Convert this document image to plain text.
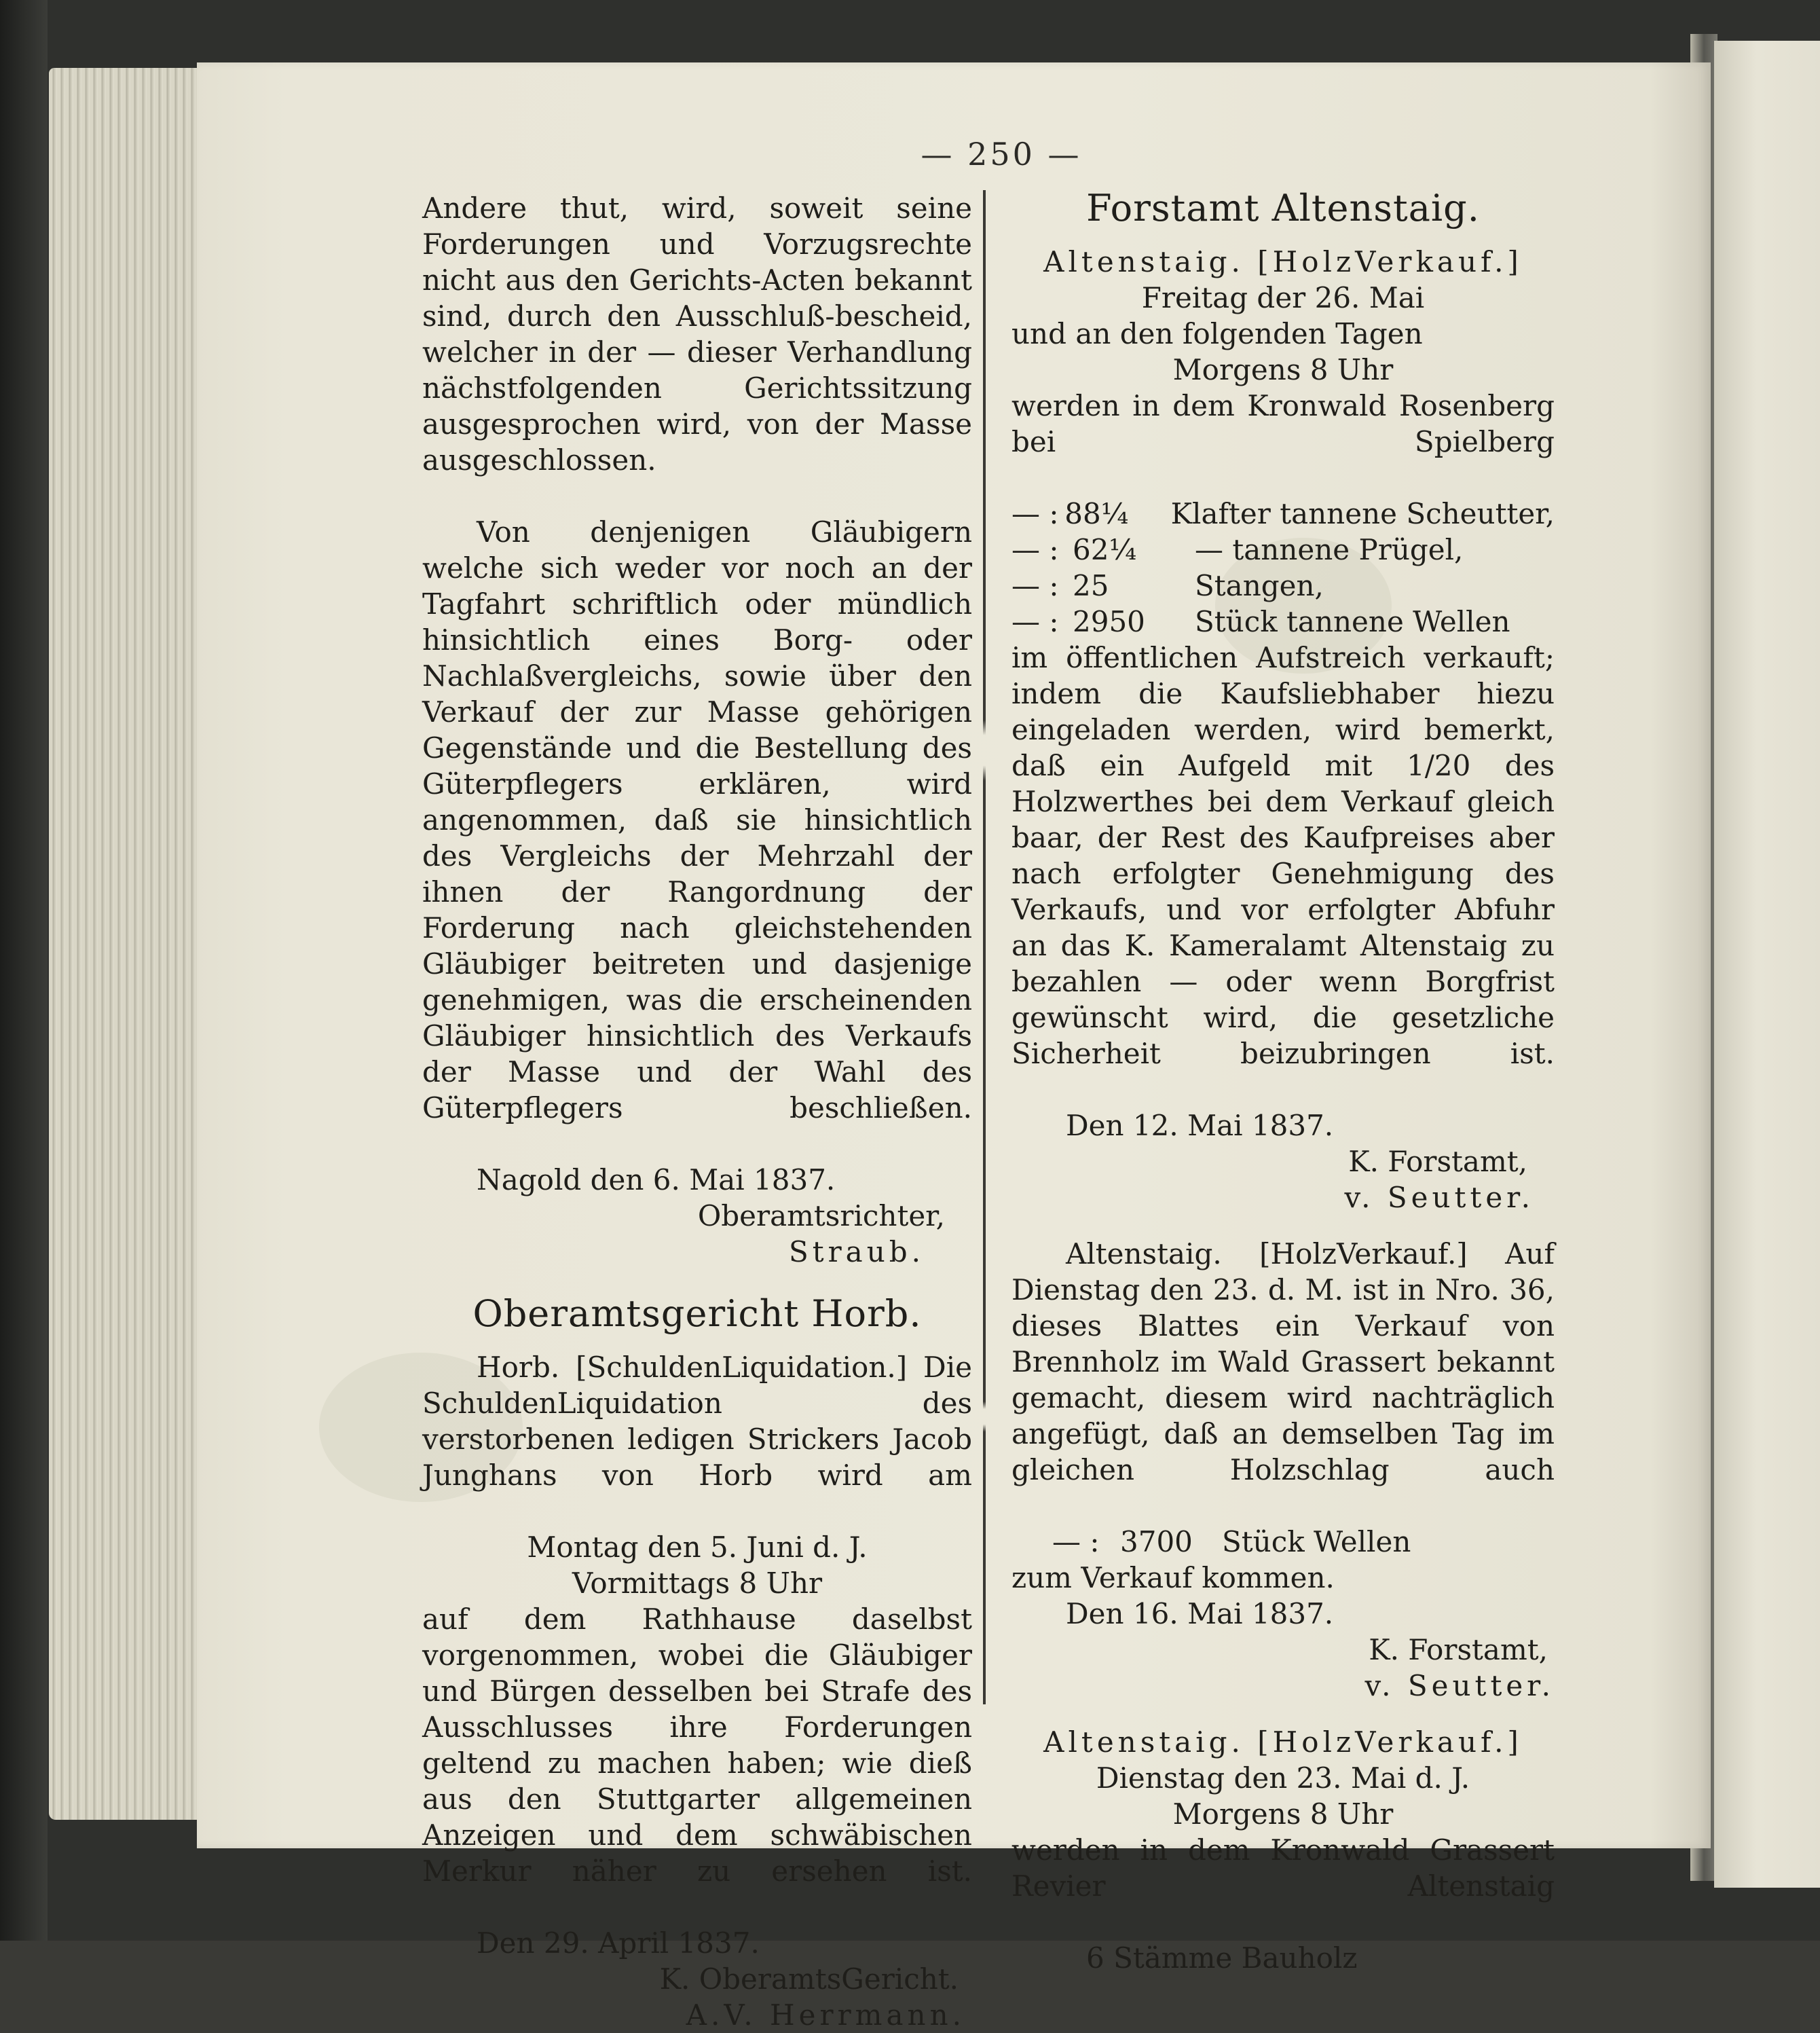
— 250 —

Andere thut, wird, soweit seine Forderungen und Vorzugsrechte nicht aus den Gerichts-Acten bekannt sind, durch den Ausschluß-bescheid, welcher in der — dieser Verhandlung nächstfolgenden Gerichtssitzung ausgesprochen wird, von der Masse ausgeschlossen.

Von denjenigen Gläubigern welche sich weder vor noch an der Tagfahrt schriftlich oder mündlich hinsichtlich eines Borg- oder Nachlaßvergleichs, sowie über den Verkauf der zur Masse gehörigen Gegenstände und die Bestellung des Güterpflegers erklären, wird angenommen, daß sie hinsichtlich des Vergleichs der Mehrzahl der ihnen der Rangordnung der Forderung nach gleichstehenden Gläubiger beitreten und dasjenige genehmigen, was die erscheinenden Gläubiger hinsichtlich des Verkaufs der Masse und der Wahl des Güterpflegers beschließen.

Nagold den 6. Mai 1837.

Oberamtsrichter,

Straub.

Oberamtsgericht Horb.

Horb. [SchuldenLiquidation.] Die SchuldenLiquidation des verstorbenen ledigen Strickers Jacob Junghans von Horb wird am

Montag den 5. Juni d. J.

Vormittags 8 Uhr

auf dem Rathhause daselbst vorgenommen, wobei die Gläubiger und Bürgen desselben bei Strafe des Ausschlusses ihre Forderungen geltend zu machen haben; wie dieß aus den Stuttgarter allgemeinen Anzeigen und dem schwäbischen Merkur näher zu ersehen ist.

Den 29. April 1837.

K. OberamtsGericht.

A.V. Herrmann.

Forstamt Altenstaig.

Altenstaig. [HolzVerkauf.]

Freitag der 26. Mai

und an den folgenden Tagen

Morgens 8 Uhr

werden in dem Kronwald Rosenberg bei Spielberg

— : 88¼	Klafter tannene Scheutter,
— : 62¼	— tannene Prügel,
— : 25	Stangen,
— : 2950	Stück tannene Wellen

im öffentlichen Aufstreich verkauft; indem die Kaufsliebhaber hiezu eingeladen werden, wird bemerkt, daß ein Aufgeld mit 1/20 des Holzwerthes bei dem Verkauf gleich baar, der Rest des Kaufpreises aber nach erfolgter Genehmigung des Verkaufs, und vor erfolgter Abfuhr an das K. Kameralamt Altenstaig zu bezahlen — oder wenn Borgfrist gewünscht wird, die gesetzliche Sicherheit beizubringen ist.

Den 12. Mai 1837.

K. Forstamt,

v. Seutter.

Altenstaig. [HolzVerkauf.] Auf Dienstag den 23. d. M. ist in Nro. 36, dieses Blattes ein Verkauf von Brennholz im Wald Grassert bekannt gemacht, diesem wird nachträglich angefügt, daß an demselben Tag im gleichen Holzschlag auch

— : 3700	Stück Wellen

zum Verkauf kommen.

Den 16. Mai 1837.

K. Forstamt,

v. Seutter.

Altenstaig. [HolzVerkauf.]

Dienstag den 23. Mai d. J.

Morgens 8 Uhr

werden in dem Kronwald Grassert Revier Altenstaig

6 Stämme Bauholz
